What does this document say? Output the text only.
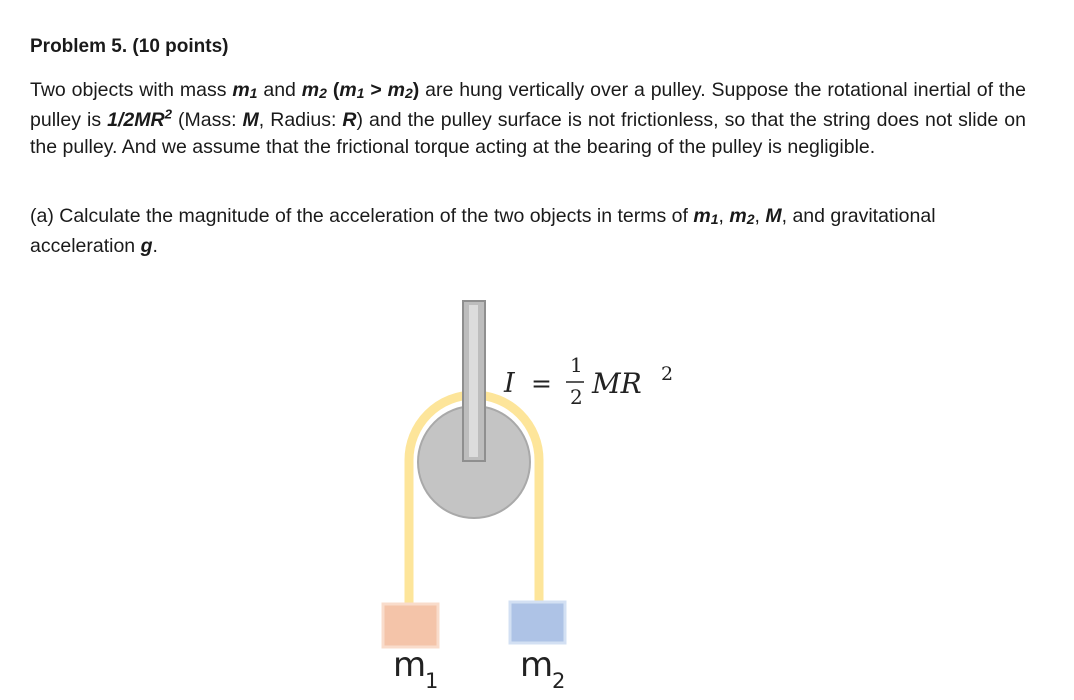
Problem 5. (10 points)
Two objects with mass $m_1$ and $m_2$ $(m_1 > m_2)$ are hung vertically over a pulley. Suppose the rotational inertial of the pulley is $1/2MR^2$ (Mass: M, Radius: R) and the pulley surface is not frictionless, so that the string does not slide on the pulley. And we assume that the frictional torque acting at the bearing of the pulley is negligible.
(a) Calculate the magnitude of the acceleration of the two objects in terms of $m_1$, $m_2$, M, and gravitational acceleration g.
I =
1
2 MR 2
m
1 m
2
